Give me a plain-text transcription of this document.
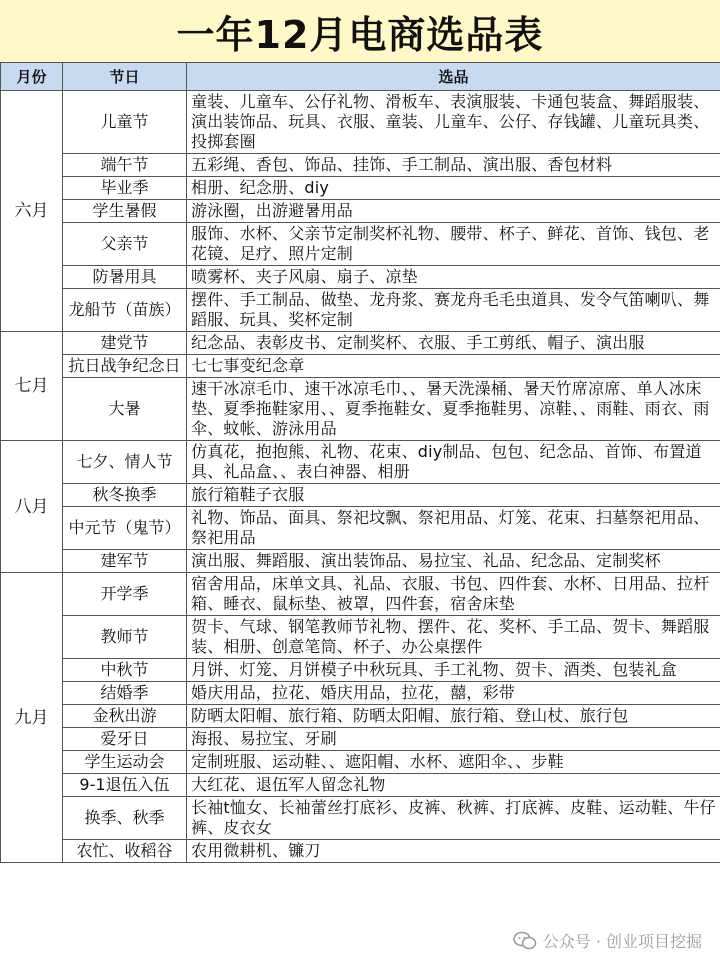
一年12月电商选品表
月份	节日	选品
六月	儿童节	童装、儿童车、公仔礼物、滑板车、表演服装、卡通包装盒、舞蹈服装、演出装饰品、玩具、衣服、童装、儿童车、公仔、存钱罐、儿童玩具类、投掷套圈
	端午节	五彩绳、香包、饰品、挂饰、手工制品、演出服、香包材料
	毕业季	相册、纪念册、diy
	学生暑假	游泳圈，出游避暑用品
	父亲节	服饰、水杯、父亲节定制奖杯礼物、腰带、杯子、鲜花、首饰、钱包、老花镜、足疗、照片定制
	防暑用具	喷雾杯、夹子风扇、扇子、凉垫
	龙船节（苗族）	摆件、手工制品、做垫、龙舟浆、赛龙舟毛毛虫道具、发令气笛喇叭、舞蹈服、玩具、奖杯定制
七月	建党节	纪念品、表彰皮书、定制奖杯、衣服、手工剪纸、帽子、演出服
	抗日战争纪念日	七七事变纪念章
	大暑	速干冰凉毛巾、速干冰凉毛巾、、暑天洗澡桶、暑天竹席凉席、单人冰床垫、夏季拖鞋家用、、夏季拖鞋女、夏季拖鞋男、凉鞋、、雨鞋、雨衣、雨伞、蚊帐、游泳用品
八月	七夕、情人节	仿真花，抱抱熊、礼物、花束、diy制品、包包、纪念品、首饰、布置道具、礼品盒、、表白神器、相册
	秋冬换季	旅行箱鞋子衣服
	中元节（鬼节）	礼物、饰品、面具、祭祀坟飘、祭祀用品、灯笼、花束、扫墓祭祀用品、祭祀用品
	建军节	演出服、舞蹈服、演出装饰品、易拉宝、礼品、纪念品、定制奖杯
九月	开学季	宿舍用品，床单文具、礼品、衣服、书包、四件套、水杯、日用品、拉杆箱、睡衣、鼠标垫、被罩，四件套，宿舍床垫
	教师节	贺卡、气球、钢笔教师节礼物、摆件、花、奖杯、手工品、贺卡、舞蹈服装、相册、创意笔筒、杯子、办公桌摆件
	中秋节	月饼、灯笼、月饼模子中秋玩具、手工礼物、贺卡、酒类、包装礼盒
	结婚季	婚庆用品，拉花、婚庆用品，拉花，囍，彩带
	金秋出游	防晒太阳帽、旅行箱、防晒太阳帽、旅行箱、登山杖、旅行包
	爱牙日	海报、易拉宝、牙刷
	学生运动会	定制班服、运动鞋、、遮阳帽、水杯、遮阳伞、、步鞋
	9-1退伍入伍	大红花、退伍军人留念礼物
	换季、秋季	长袖t恤女、长袖蕾丝打底衫、皮裤、秋裤、打底裤、皮鞋、运动鞋、牛仔裤、皮衣女
	农忙、收稻谷	农用微耕机、镰刀
公众号 · 创业项目挖掘
